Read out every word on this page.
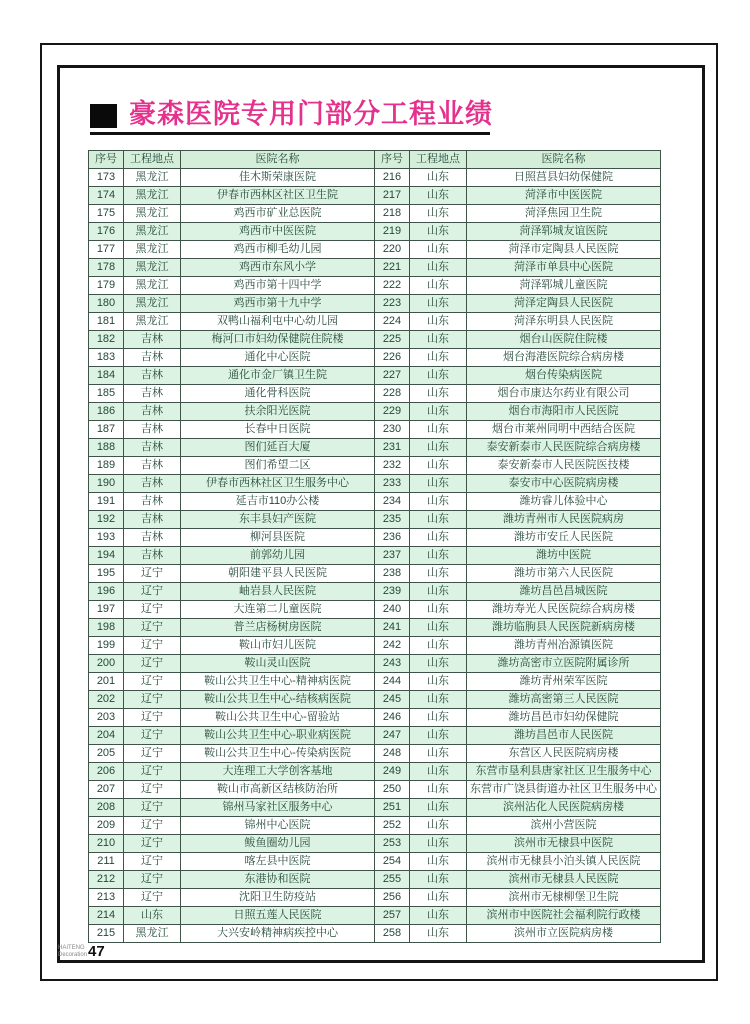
豪森医院专用门部分工程业绩
序号	工程地点	医院名称	序号	工程地点	医院名称
173	黑龙江	佳木斯荣康医院	216	山东	日照莒县妇幼保健院
174	黑龙江	伊春市西林区社区卫生院	217	山东	菏泽市中医医院
175	黑龙江	鸡西市矿业总医院	218	山东	菏泽焦园卫生院
176	黑龙江	鸡西市中医医院	219	山东	菏泽郓城友谊医院
177	黑龙江	鸡西市柳毛幼儿园	220	山东	菏泽市定陶县人民医院
178	黑龙江	鸡西市东风小学	221	山东	菏泽市单县中心医院
179	黑龙江	鸡西市第十四中学	222	山东	菏泽郓城儿童医院
180	黑龙江	鸡西市第十九中学	223	山东	菏泽定陶县人民医院
181	黑龙江	双鸭山福利屯中心幼儿园	224	山东	菏泽东明县人民医院
182	吉林	梅河口市妇幼保健院住院楼	225	山东	烟台山医院住院楼
183	吉林	通化中心医院	226	山东	烟台海港医院综合病房楼
184	吉林	通化市金厂镇卫生院	227	山东	烟台传染病医院
185	吉林	通化骨科医院	228	山东	烟台市康达尔药业有限公司
186	吉林	扶余阳光医院	229	山东	烟台市海阳市人民医院
187	吉林	长春中日医院	230	山东	烟台市莱州同明中西结合医院
188	吉林	图们延百大厦	231	山东	泰安新泰市人民医院综合病房楼
189	吉林	图们希望二区	232	山东	泰安新泰市人民医院医技楼
190	吉林	伊春市西林社区卫生服务中心	233	山东	泰安市中心医院病房楼
191	吉林	延吉市110办公楼	234	山东	潍坊睿儿体验中心
192	吉林	东丰县妇产医院	235	山东	潍坊青州市人民医院病房
193	吉林	柳河县医院	236	山东	潍坊市安丘人民医院
194	吉林	前郭幼儿园	237	山东	潍坊中医院
195	辽宁	朝阳建平县人民医院	238	山东	潍坊市第六人民医院
196	辽宁	岫岩县人民医院	239	山东	潍坊昌邑昌城医院
197	辽宁	大连第二儿童医院	240	山东	潍坊寿光人民医院综合病房楼
198	辽宁	普兰店杨树房医院	241	山东	潍坊临朐县人民医院新病房楼
199	辽宁	鞍山市妇儿医院	242	山东	潍坊青州冶源镇医院
200	辽宁	鞍山灵山医院	243	山东	潍坊高密市立医院附属诊所
201	辽宁	鞍山公共卫生中心-精神病医院	244	山东	潍坊青州荣军医院
202	辽宁	鞍山公共卫生中心-结核病医院	245	山东	潍坊高密第三人民医院
203	辽宁	鞍山公共卫生中心-留验站	246	山东	潍坊昌邑市妇幼保健院
204	辽宁	鞍山公共卫生中心-职业病医院	247	山东	潍坊昌邑市人民医院
205	辽宁	鞍山公共卫生中心-传染病医院	248	山东	东营区人民医院病房楼
206	辽宁	大连理工大学创客基地	249	山东	东营市垦利县唐家社区卫生服务中心
207	辽宁	鞍山市高新区结核防治所	250	山东	东营市广饶县街道办社区卫生服务中心
208	辽宁	锦州马家社区服务中心	251	山东	滨州沾化人民医院病房楼
209	辽宁	锦州中心医院	252	山东	滨州小营医院
210	辽宁	鲅鱼圈幼儿园	253	山东	滨州市无棣县中医院
211	辽宁	喀左县中医院	254	山东	滨州市无棣县小泊头镇人民医院
212	辽宁	东港协和医院	255	山东	滨州市无棣县人民医院
213	辽宁	沈阳卫生防疫站	256	山东	滨州市无棣柳堡卫生院
214	山东	日照五莲人民医院	257	山东	滨州市中医院社会福利院行政楼
215	黑龙江	大兴安岭精神病疾控中心	258	山东	滨州市立医院病房楼
HAITENG
Decoration 47
